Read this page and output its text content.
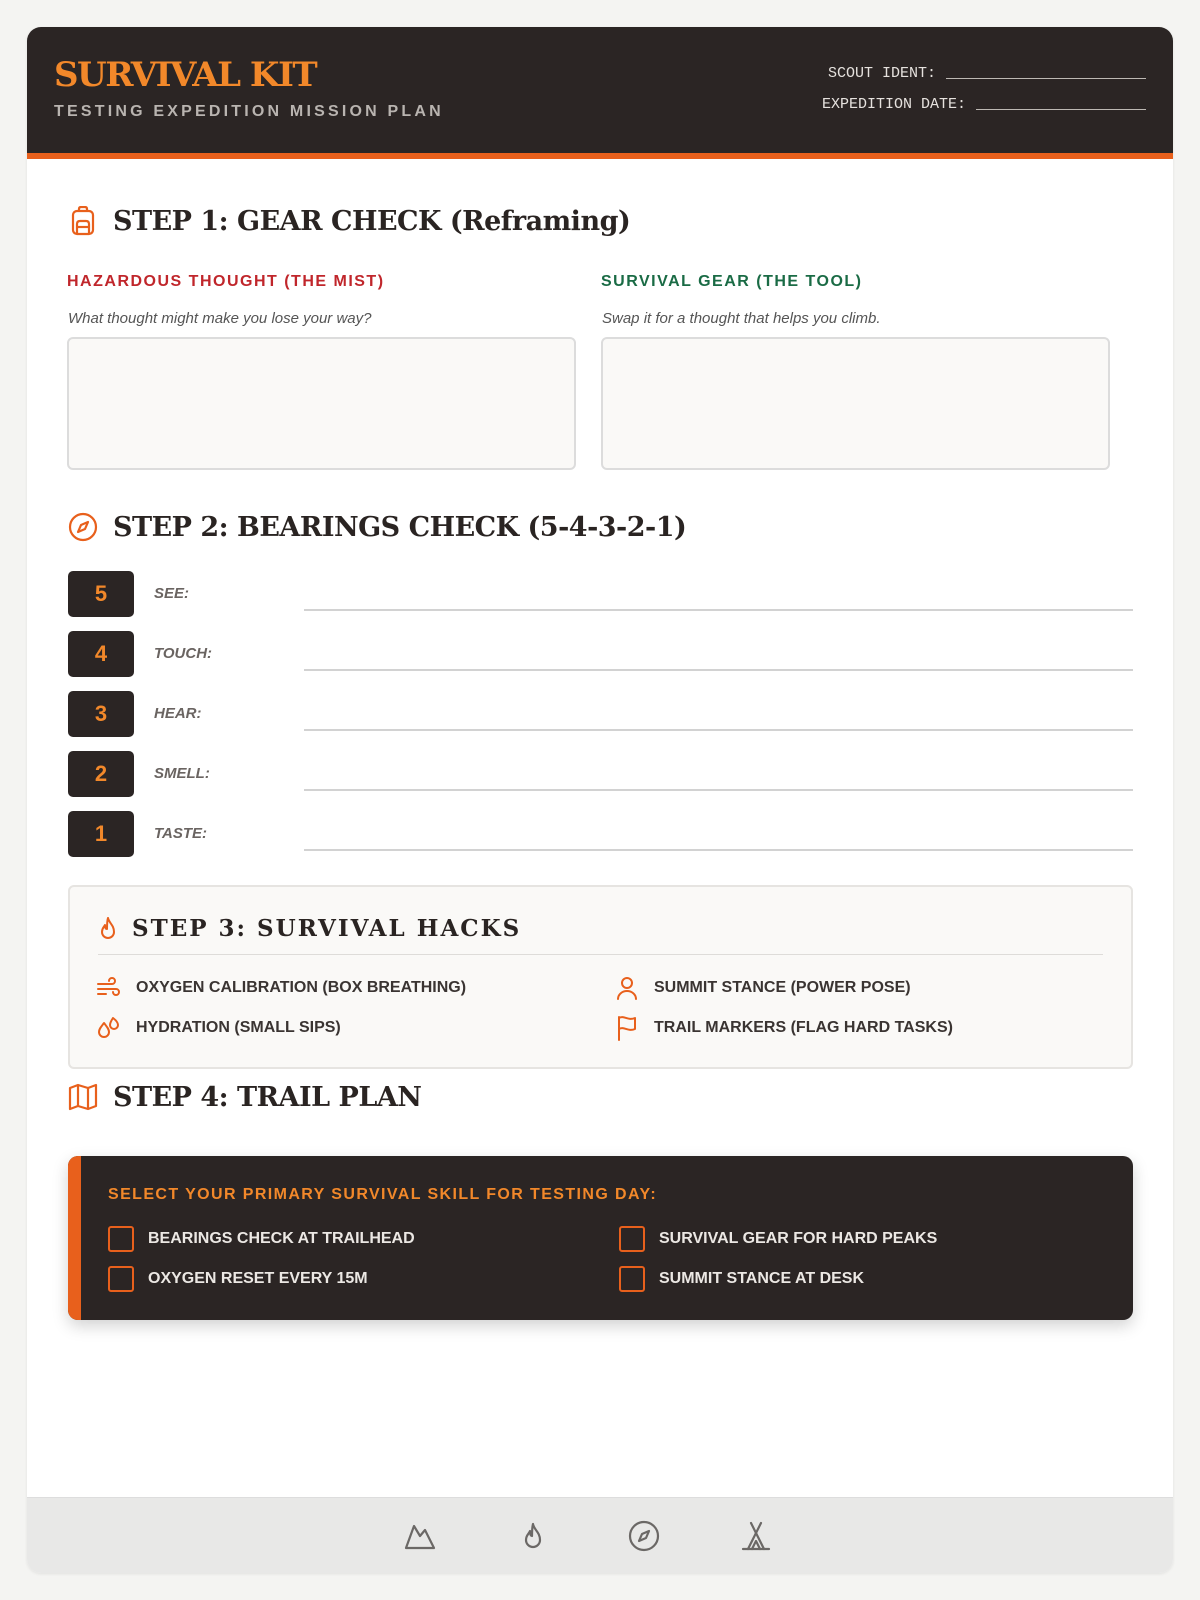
SURVIVAL KIT
TESTING EXPEDITION MISSION PLAN
SCOUT IDENT:
EXPEDITION DATE:
STEP 1: GEAR CHECK (Reframing)
HAZARDOUS THOUGHT (THE MIST)
What thought might make you lose your way?
SURVIVAL GEAR (THE TOOL)
Swap it for a thought that helps you climb.
STEP 2: BEARINGS CHECK (5-4-3-2-1)
5	SEE:
4	TOUCH:
3	HEAR:
2	SMELL:
1	TASTE:
STEP 3: SURVIVAL HACKS
OXYGEN CALIBRATION (BOX BREATHING)	SUMMIT STANCE (POWER POSE)
HYDRATION (SMALL SIPS)	TRAIL MARKERS (FLAG HARD TASKS)
STEP 4: TRAIL PLAN
SELECT YOUR PRIMARY SURVIVAL SKILL FOR TESTING DAY:
BEARINGS CHECK AT TRAILHEAD	SURVIVAL GEAR FOR HARD PEAKS
OXYGEN RESET EVERY 15M	SUMMIT STANCE AT DESK
